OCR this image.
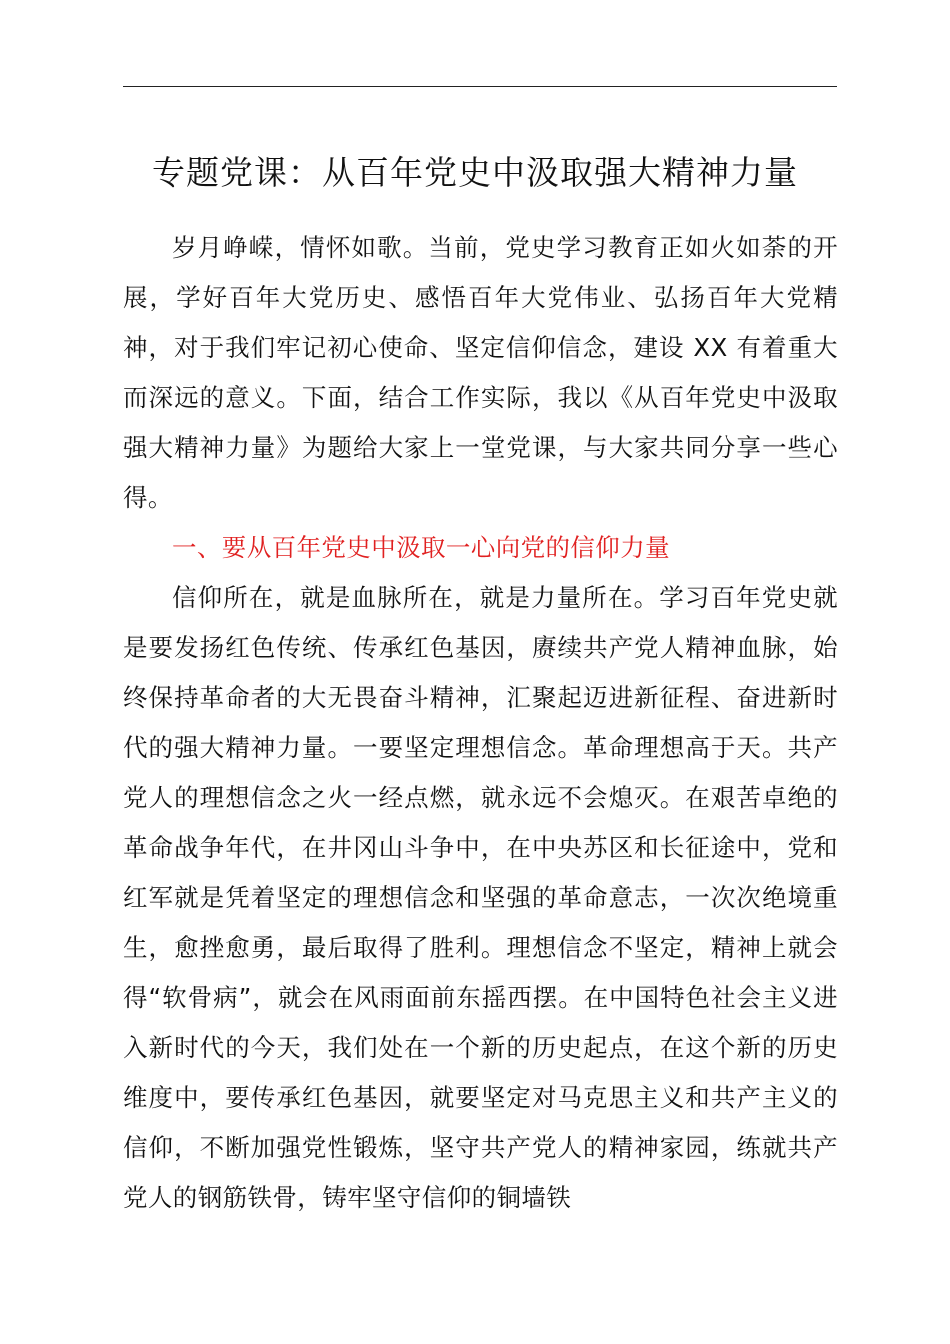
专题党课：从百年党史中汲取强大精神力量

岁月峥嵘，情怀如歌。当前，党史学习教育正如火如荼的开展，学好百年大党历史、感悟百年大党伟业、弘扬百年大党精神，对于我们牢记初心使命、坚定信仰信念，建设 XX 有着重大而深远的意义。下面，结合工作实际，我以《从百年党史中汲取强大精神力量》为题给大家上一堂党课，与大家共同分享一些心得。

一、要从百年党史中汲取一心向党的信仰力量

信仰所在，就是血脉所在，就是力量所在。学习百年党史就是要发扬红色传统、传承红色基因，赓续共产党人精神血脉，始终保持革命者的大无畏奋斗精神，汇聚起迈进新征程、奋进新时代的强大精神力量。一要坚定理想信念。革命理想高于天。共产党人的理想信念之火一经点燃，就永远不会熄灭。在艰苦卓绝的革命战争年代，在井冈山斗争中，在中央苏区和长征途中，党和红军就是凭着坚定的理想信念和坚强的革命意志，一次次绝境重生，愈挫愈勇，最后取得了胜利。理想信念不坚定，精神上就会得“软骨病”，就会在风雨面前东摇西摆。在中国特色社会主义进入新时代的今天，我们处在一个新的历史起点，在这个新的历史维度中，要传承红色基因，就要坚定对马克思主义和共产主义的信仰，不断加强党性锻炼，坚守共产党人的精神家园，练就共产党人的钢筋铁骨，铸牢坚守信仰的铜墙铁
